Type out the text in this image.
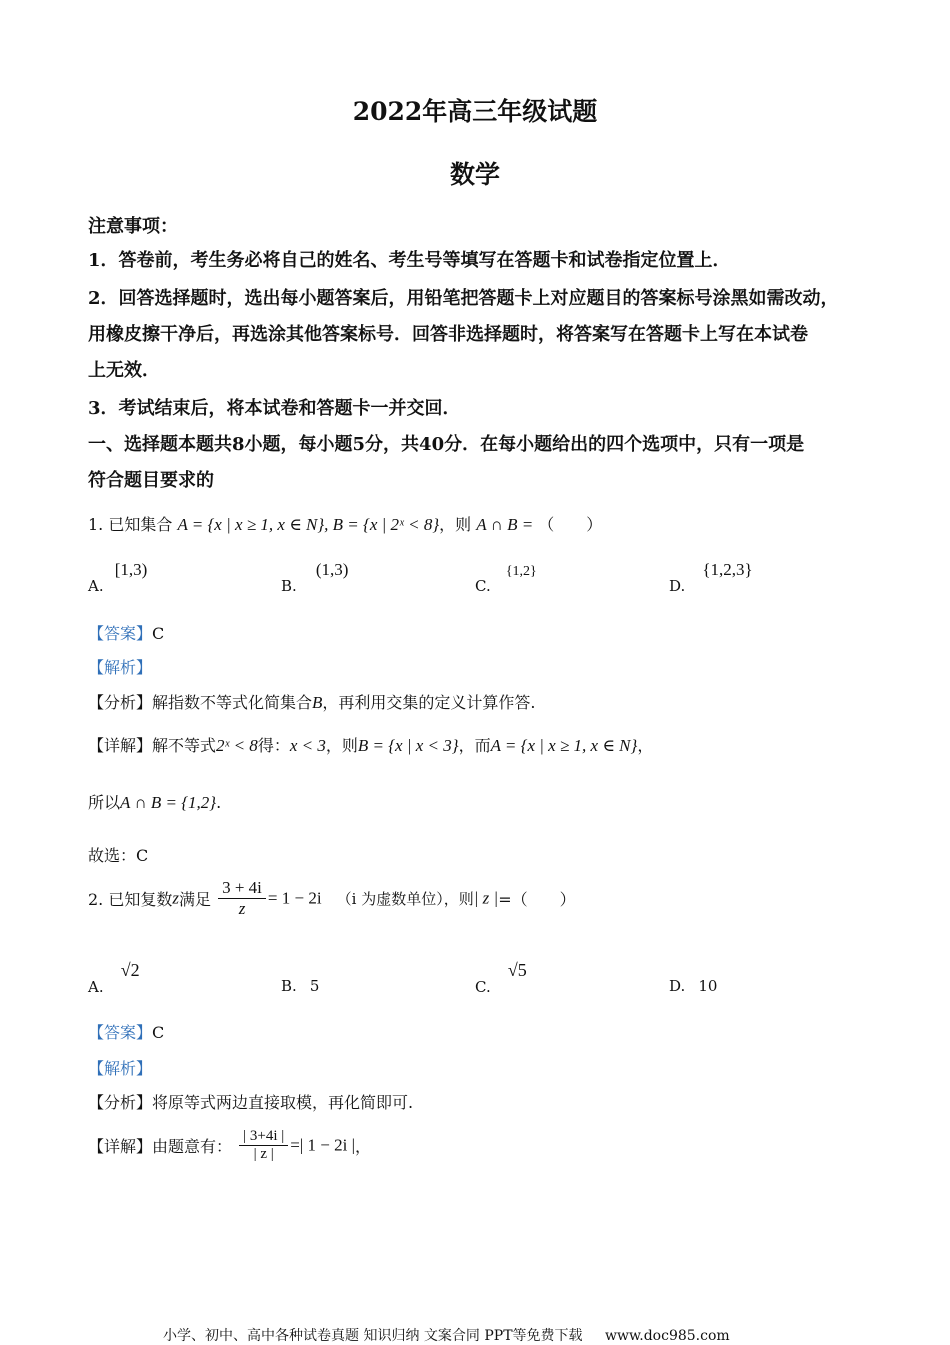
2022年高三年级试题
数学
注意事项：
1．答卷前，考生务必将自己的姓名、考生号等填写在答题卡和试卷指定位置上．
2．回答选择题时，选出每小题答案后，用铅笔把答题卡上对应题目的答案标号涂黑如需改动，
用橡皮擦干净后，再选涂其他答案标号．回答非选择题时，将答案写在答题卡上写在本试卷
上无效．
3．考试结束后，将本试卷和答题卡一并交回．
一、选择题本题共8小题，每小题5分，共40分．在每小题给出的四个选项中，只有一项是
符合题目要求的
1. 已知集合 A = {x | x ≥ 1, x ∈ N}, B = {x | 2ˣ < 8}，则 A ∩ B = （　　）
A. [1,3)
B. (1,3)
C. {1,2}
D. {1,2,3}
【答案】C
【解析】
【分析】解指数不等式化简集合B，再利用交集的定义计算作答.
【详解】解不等式2ˣ < 8得：x < 3，则B = {x | x < 3}，而A = {x | x ≥ 1, x ∈ N}，
所以A ∩ B = {1,2}.
故选：C
2. 已知复数z满足 $\frac{3 + 4i}{z} = 1 - 2i$ （i 为虚数单位），则| z |=（　　）
A. √2
B. 5	C. √5
D. 10
【答案】C
【解析】
【分析】将原等式两边直接取模，再化简即可.
【详解】由题意有： $\frac{| 3+4i |}{| z |}$ =| 1 − 2i |，
小学、初中、高中各种试卷真题 知识归纳 文案合同 PPT等免费下载 www.doc985.com
